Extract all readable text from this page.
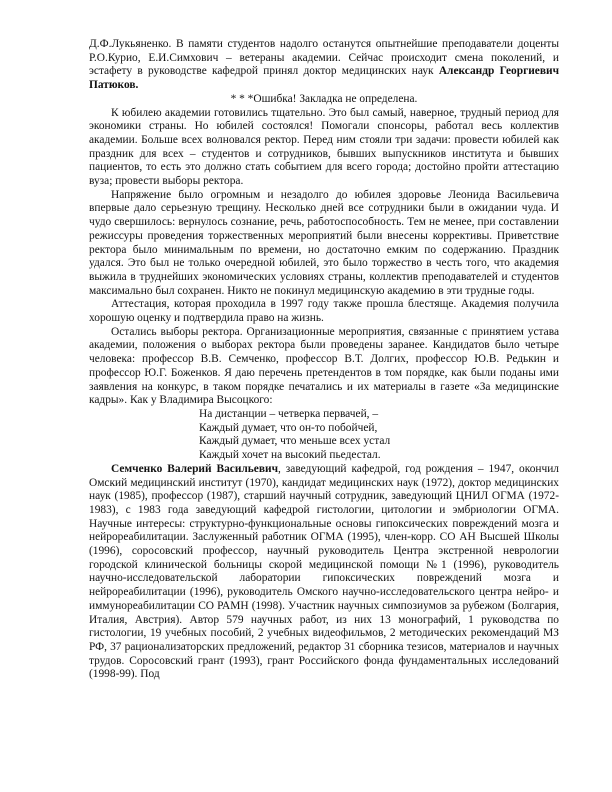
Д.Ф.Лукьяненко. В памяти студентов надолго останутся опытнейшие преподаватели доценты Р.О.Курио, Е.И.Симхович – ветераны академии. Сейчас происходит смена поколений, и эстафету в руководстве кафедрой принял доктор медицинских наук Александр Георгиевич Патюков.

* * *Ошибка! Закладка не определена.

К юбилею академии готовились тщательно. Это был самый, наверное, трудный период для экономики страны. Но юбилей состоялся! Помогали спонсоры, работал весь коллектив академии. Больше всех волновался ректор. Перед ним стояли три задачи: провести юбилей как праздник для всех – студентов и сотрудников, бывших выпускников института и бывших пациентов, то есть это должно стать событием для всего города; достойно пройти аттестацию вуза; провести выборы ректора.

Напряжение было огромным и незадолго до юбилея здоровье Леонида Васильевича впервые дало серьезную трещину. Несколько дней все сотрудники были в ожидании чуда. И чудо свершилось: вернулось сознание, речь, работоспособность. Тем не менее, при составлении режиссуры проведения торжественных мероприятий были внесены коррективы. Приветствие ректора было минимальным по времени, но достаточно емким по содержанию. Праздник удался. Это был не только очередной юбилей, это было торжество в честь того, что академия выжила в труднейших экономических условиях страны, коллектив преподавателей и студентов максимально был сохранен. Никто не покинул медицинскую академию в эти трудные годы.

Аттестация, которая проходила в 1997 году также прошла блестяще. Академия получила хорошую оценку и подтвердила право на жизнь.

Остались выборы ректора. Организационные мероприятия, связанные с принятием устава академии, положения о выборах ректора были проведены заранее. Кандидатов было четыре человека: профессор В.В. Семченко, профессор В.Т. Долгих, профессор Ю.В. Редькин и профессор Ю.Г. Боженков. Я даю перечень претендентов в том порядке, как были поданы ими заявления на конкурс, в таком порядке печатались и их материалы в газете «За медицинские кадры». Как у Владимира Высоцкого:

На дистанции – четверка первачей, –
Каждый думает, что он-то побойчей,
Каждый думает, что меньше всех устал
Каждый хочет на высокий пьедестал.

Семченко Валерий Васильевич, заведующий кафедрой, год рождения – 1947, окончил Омский медицинский институт (1970), кандидат медицинских наук (1972), доктор медицинских наук (1985), профессор (1987), старший научный сотрудник, заведующий ЦНИЛ ОГМА (1972-1983), с 1983 года заведующий кафедрой гистологии, цитологии и эмбриологии ОГМА. Научные интересы: структурно-функциональные основы гипоксических повреждений мозга и нейрореабилитации. Заслуженный работник ОГМА (1995), член-корр. СО АН Высшей Школы (1996), соросовский профессор, научный руководитель Центра экстренной неврологии городской клинической больницы скорой медицинской помощи №1 (1996), руководитель научно-исследовательской лаборатории гипоксических повреждений мозга и нейрореабилитации (1996), руководитель Омского научно-исследовательского центра нейро- и иммунореабилитации СО РАМН (1998). Участник научных симпозиумов за рубежом (Болгария, Италия, Австрия). Автор 579 научных работ, из них 13 монографий, 1 руководства по гистологии, 19 учебных пособий, 2 учебных видеофильмов, 2 методических рекомендаций МЗ РФ, 37 рационализаторских предложений, редактор 31 сборника тезисов, материалов и научных трудов. Соросовский грант (1993), грант Российского фонда фундаментальных исследований (1998-99). Под
